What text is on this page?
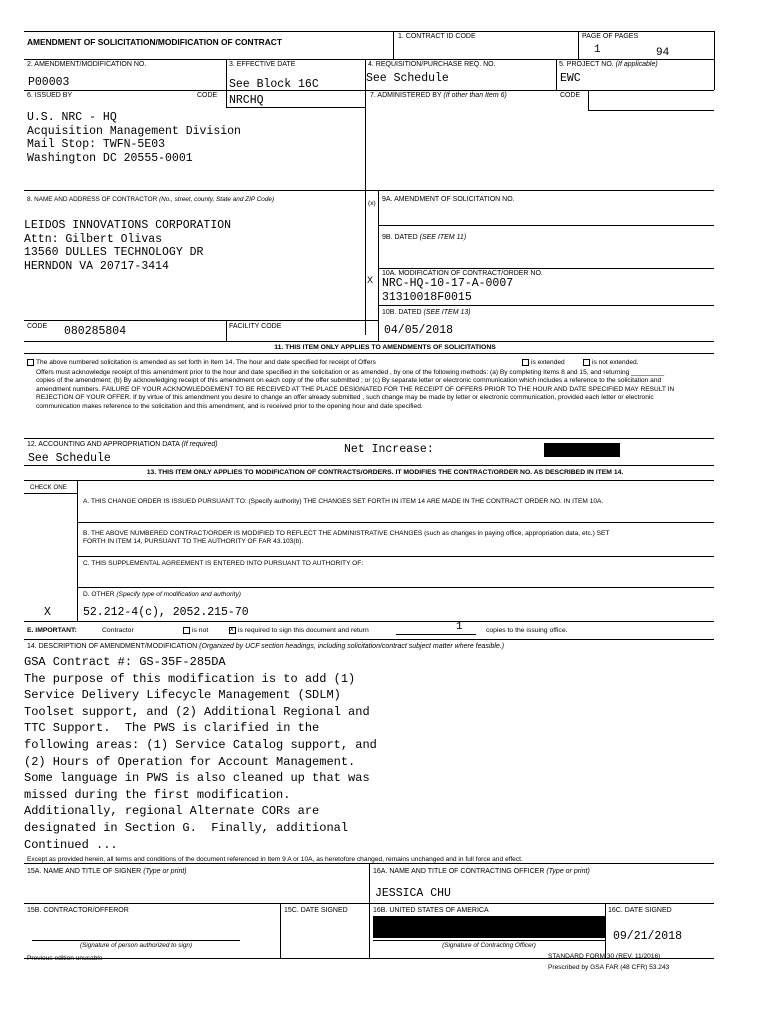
AMENDMENT OF SOLICITATION/MODIFICATION OF CONTRACT
1. CONTRACT ID CODE	PAGE OF PAGES
1	94
2. AMENDMENT/MODIFICATION NO.
P00003
3. EFFECTIVE DATE
See Block 16C
4. REQUISITION/PURCHASE REQ. NO.
See Schedule
5. PROJECT NO. (If applicable)
EWC
6. ISSUED BY	CODE NRCHQ
U.S. NRC - HQ
Acquisition Management Division
Mail Stop: TWFN-5E03
Washington DC 20555-0001
7. ADMINISTERED BY (If other than Item 6)	CODE
8. NAME AND ADDRESS OF CONTRACTOR (No., street, county, State and ZIP Code)
LEIDOS INNOVATIONS CORPORATION
Attn: Gilbert Olivas
13560 DULLES TECHNOLOGY DR
HERNDON VA 20717-3414
(x)
9A. AMENDMENT OF SOLICITATION NO.
9B. DATED (SEE ITEM 11)
X
10A. MODIFICATION OF CONTRACT/ORDER NO.
NRC-HQ-10-17-A-0007
31310018F0015
10B. DATED (SEE ITEM 13)
04/05/2018
CODE 080285804	FACILITY CODE
11. THIS ITEM ONLY APPLIES TO AMENDMENTS OF SOLICITATIONS
The above numbered solicitation is amended as set forth in Item 14. The hour and date specified for receipt of Offers	is extended	is not extended.
Offers must acknowledge receipt of this amendment prior to the hour and date specified in the solicitation or as amended , by one of the following methods: (a) By completing Items 8 and 15, and returning _________ copies of the amendment; (b) By acknowledging receipt of this amendment on each copy of the offer submitted ; or (c) By separate letter or electronic communication which includes a reference to the solicitation and amendment numbers. FAILURE OF YOUR ACKNOWLEDGEMENT TO BE RECEIVED AT THE PLACE DESIGNATED FOR THE RECEIPT OF OFFERS PRIOR TO THE HOUR AND DATE SPECIFIED MAY RESULT IN REJECTION OF YOUR OFFER. If by virtue of this amendment you desire to change an offer already submitted , such change may be made by letter or electronic communication, provided each letter or electronic communication makes reference to the solicitation and this amendment, and is received prior to the opening hour and date specified.
12. ACCOUNTING AND APPROPRIATION DATA (If required)
See Schedule
Net Increase:
13. THIS ITEM ONLY APPLIES TO MODIFICATION OF CONTRACTS/ORDERS. IT MODIFIES THE CONTRACT/ORDER NO. AS DESCRIBED IN ITEM 14.
CHECK ONE
A. THIS CHANGE ORDER IS ISSUED PURSUANT TO: (Specify authority) THE CHANGES SET FORTH IN ITEM 14 ARE MADE IN THE CONTRACT ORDER NO. IN ITEM 10A.
B. THE ABOVE NUMBERED CONTRACT/ORDER IS MODIFIED TO REFLECT THE ADMINISTRATIVE CHANGES (such as changes in paying office, appropriation data, etc.) SET FORTH IN ITEM 14, PURSUANT TO THE AUTHORITY OF FAR 43.103(b).
C. THIS SUPPLEMENTAL AGREEMENT IS ENTERED INTO PURSUANT TO AUTHORITY OF:
D. OTHER (Specify type of modification and authority)
X	52.212-4(c), 2052.215-70
E. IMPORTANT:	Contractor	is not	x is required to sign this document and return	1	copies to the issuing office.
14. DESCRIPTION OF AMENDMENT/MODIFICATION (Organized by UCF section headings, including solicitation/contract subject matter where feasible.)
GSA Contract #: GS-35F-285DA
The purpose of this modification is to add (1)
Service Delivery Lifecycle Management (SDLM)
Toolset support, and (2) Additional Regional and
TTC Support.  The PWS is clarified in the
following areas: (1) Service Catalog support, and
(2) Hours of Operation for Account Management.
Some language in PWS is also cleaned up that was
missed during the first modification.
Additionally, regional Alternate CORs are
designated in Section G.  Finally, additional
Continued ...
Except as provided herein, all terms and conditions of the document referenced in Item 9 A or 10A, as heretofore changed, remains unchanged and in full force and effect.
15A. NAME AND TITLE OF SIGNER (Type or print)	16A. NAME AND TITLE OF CONTRACTING OFFICER (Type or print)
JESSICA CHU
15B. CONTRACTOR/OFFEROR	15C. DATE SIGNED	16B. UNITED STATES OF AMERICA	16C. DATE SIGNED
(Signature of person authorized to sign)	(Signature of Contracting Officer)
09/21/2018
Previous edition unusable	STANDARD FORM 30 (REV. 11/2016)
Prescribed by GSA FAR (48 CFR) 53.243
